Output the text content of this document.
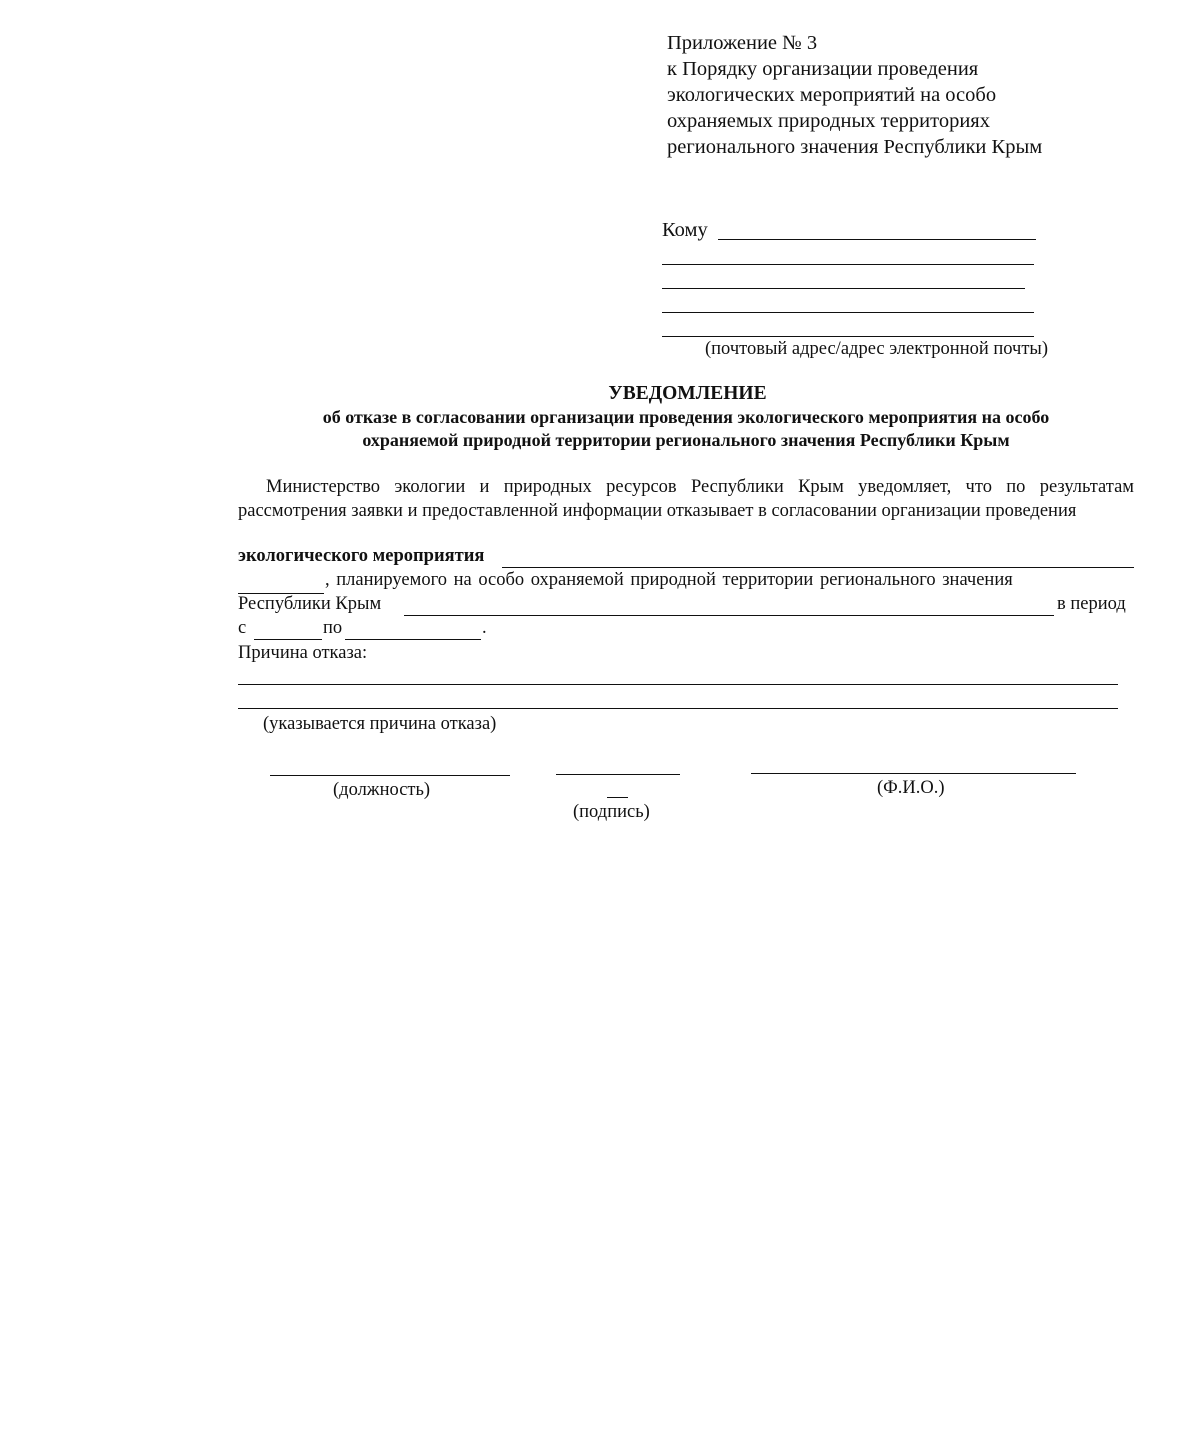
Приложение № 3
к Порядку организации проведения
экологических мероприятий на особо
охраняемых природных территориях
регионального значения Республики Крым
Кому
(почтовый адрес/адрес электронной почты)
УВЕДОМЛЕНИЕ
об отказе в согласовании организации проведения экологического мероприятия на особо
охраняемой природной территории регионального значения Республики Крым
Министерство экологии и природных ресурсов Республики Крым уведомляет, что по результатам рассмотрения заявки и предоставленной информации отказывает в согласовании организации проведения
экологического мероприятия
, планируемого на особо охраняемой природной территории регионального значения
Республики Крым	в период
с	по	.
Причина отказа:
(указывается причина отказа)
(должность)
(подпись)
(Ф.И.О.)
